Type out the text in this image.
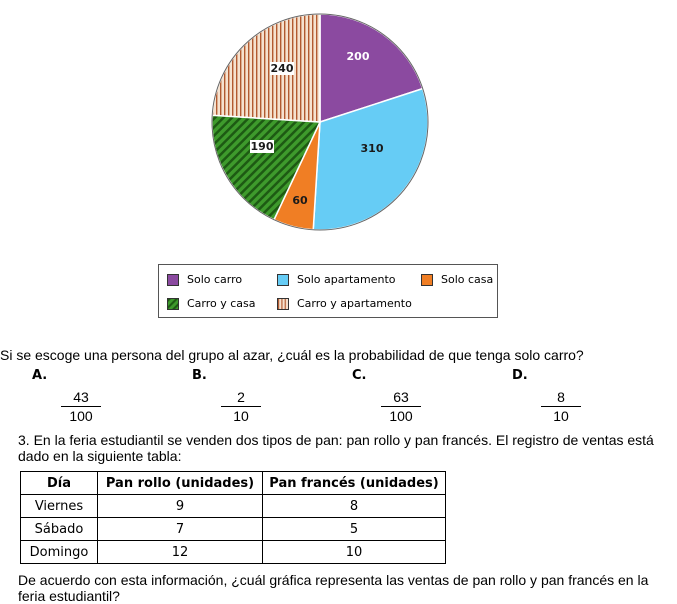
200
310
60
190
240
Solo carro	Solo apartamento	Solo casa
Carro y casa	Carro y apartamento
Si se escoge una persona del grupo al azar, ¿cuál es la probabilidad de que tenga solo carro?
A.	B.	C.	D.
$\frac{43}{100}$	$\frac{2}{10}$	$\frac{63}{100}$	$\frac{8}{10}$
3. En la feria estudiantil se venden dos tipos de pan: pan rollo y pan francés. El registro de ventas está dado en la siguiente tabla:
Día	Pan rollo (unidades)	Pan francés (unidades)
Viernes	9	8
Sábado	7	5
Domingo	12	10
De acuerdo con esta información, ¿cuál gráfica representa las ventas de pan rollo y pan francés en la feria estudiantil?
